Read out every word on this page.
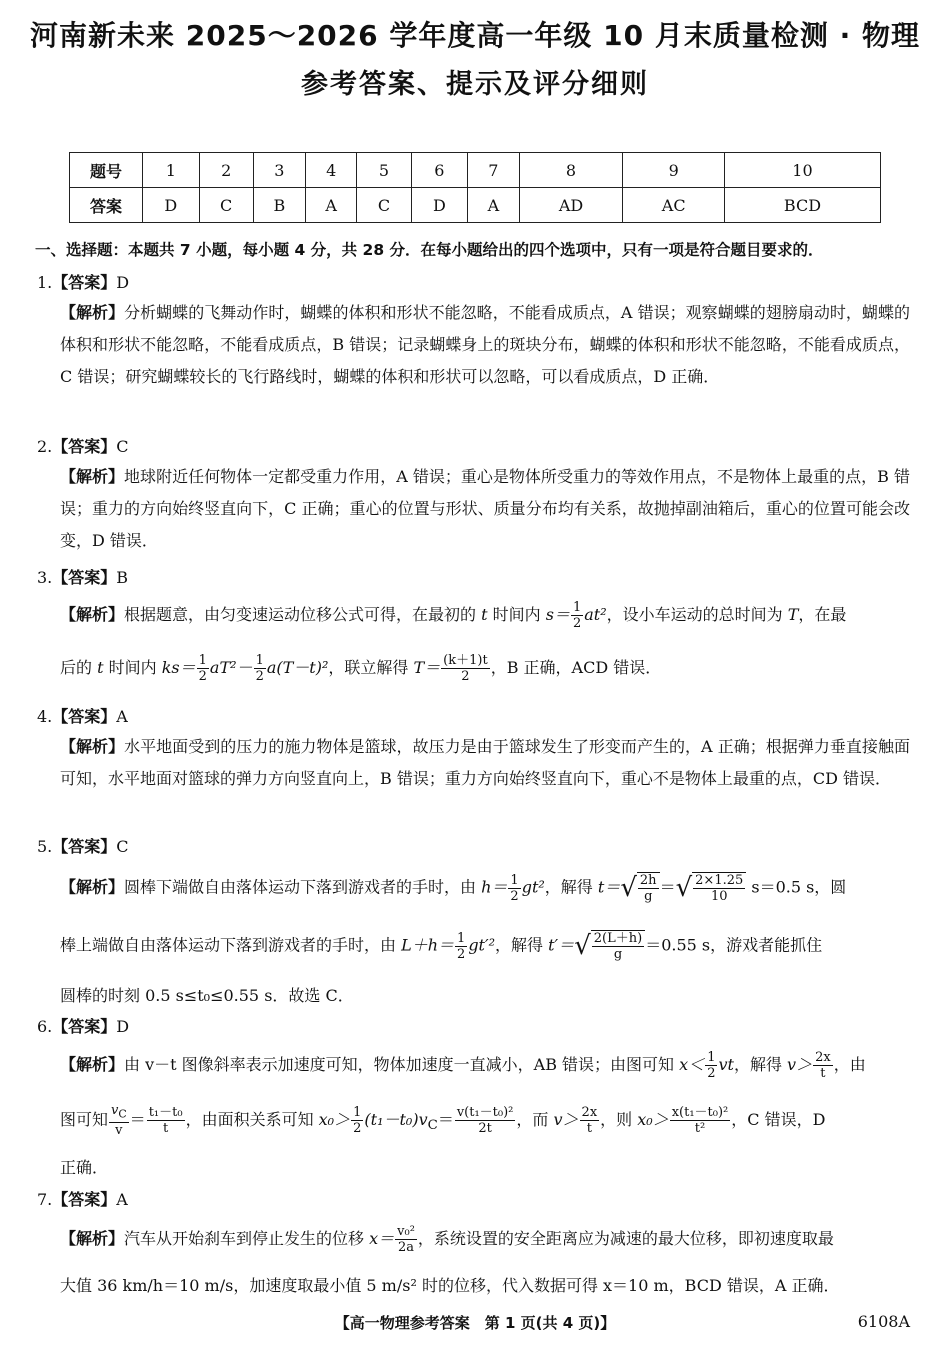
河南新未来 2025～2026 学年度高一年级 10 月末质量检测 · 物理
参考答案、提示及评分细则
题号	1	2	3	4	5	6	7	8	9	10
答案	D	C	B	A	C	D	A	AD	AC	BCD
一、选择题：本题共 7 小题，每小题 4 分，共 28 分．在每小题给出的四个选项中，只有一项是符合题目要求的．
1.【答案】D
【解析】分析蝴蝶的飞舞动作时，蝴蝶的体积和形状不能忽略，不能看成质点，A 错误；观察蝴蝶的翅膀扇动时，蝴蝶的体积和形状不能忽略，不能看成质点，B 错误；记录蝴蝶身上的斑块分布，蝴蝶的体积和形状不能忽略，不能看成质点，C 错误；研究蝴蝶较长的飞行路线时，蝴蝶的体积和形状可以忽略，可以看成质点，D 正确．
2.【答案】C
【解析】地球附近任何物体一定都受重力作用，A 错误；重心是物体所受重力的等效作用点，不是物体上最重的点，B 错误；重力的方向始终竖直向下，C 正确；重心的位置与形状、质量分布均有关系，故抛掉副油箱后，重心的位置可能会改变，D 错误．
3.【答案】B
【解析】根据题意，由匀变速运动位移公式可得，在最初的 t 时间内 $s= \frac{1}{2} at^2$，设小车运动的总时间为 T，在最
后的 t 时间内 $ks= \frac{1}{2} aT^2- \frac{1}{2} a(T-t)^2$，联立解得 $T= \frac{(k+1)t}{2}$ ，B 正确，ACD 错误．
4.【答案】A
【解析】水平地面受到的压力的施力物体是篮球，故压力是由于篮球发生了形变而产生的，A 正确；根据弹力垂直接触面可知，水平地面对篮球的弹力方向竖直向上，B 错误；重力方向始终竖直向下，重心不是物体上最重的点，CD 错误．
5.【答案】C
【解析】圆棒下端做自由落体运动下落到游戏者的手时，由 $h= \frac{1}{2} gt^2$，解得 $t=√ \frac{2h}{g}$ ＝√ $\frac{2\times 1.25}{10} s=0.5$ s，圆
棒上端做自由落体运动下落到游戏者的手时，由 $L+h= \frac{1}{2} gt'^2$，解得 $t'=√ \frac{2(L+h)}{g} =0.55$ s，游戏者能抓住
圆棒的时刻 0.5 s≤t₀≤0.55 s．故选 C．
6.【答案】D
【解析】由 v－t 图像斜率表示加速度可知，物体加速度一直减小，AB 错误；由图可知 $x< \frac{1}{2}$ vt，解得 $v> \frac{2x}{t}$ ，由
图可知 $\frac{v_C}{v} = \frac{\text{t₁－t₀}}{t}$ ，由面积关系可知 $x_0> \frac{1}{2} (t_1-t_0)v_C= \frac{\text{v(t₁－t₀)²}}{2t}$ ，而 $v> \frac{2x}{t}$ ，则 $x_0> \frac{\text{x(t₁－t₀)²}}{\text{t²}}$ ，C 错误，D
正确．
7.【答案】A
【解析】汽车从开始刹车到停止发生的位移 $x= \frac{\text{v₀²}}{2a}$ ，系统设置的安全距离应为减速的最大位移，即初速度取最
大值 36 km/h＝10 m/s，加速度取最小值 5 m/s² 时的位移，代入数据可得 x＝10 m，BCD 错误，A 正确．
【高一物理参考答案　第 1 页(共 4 页)】	6108A
